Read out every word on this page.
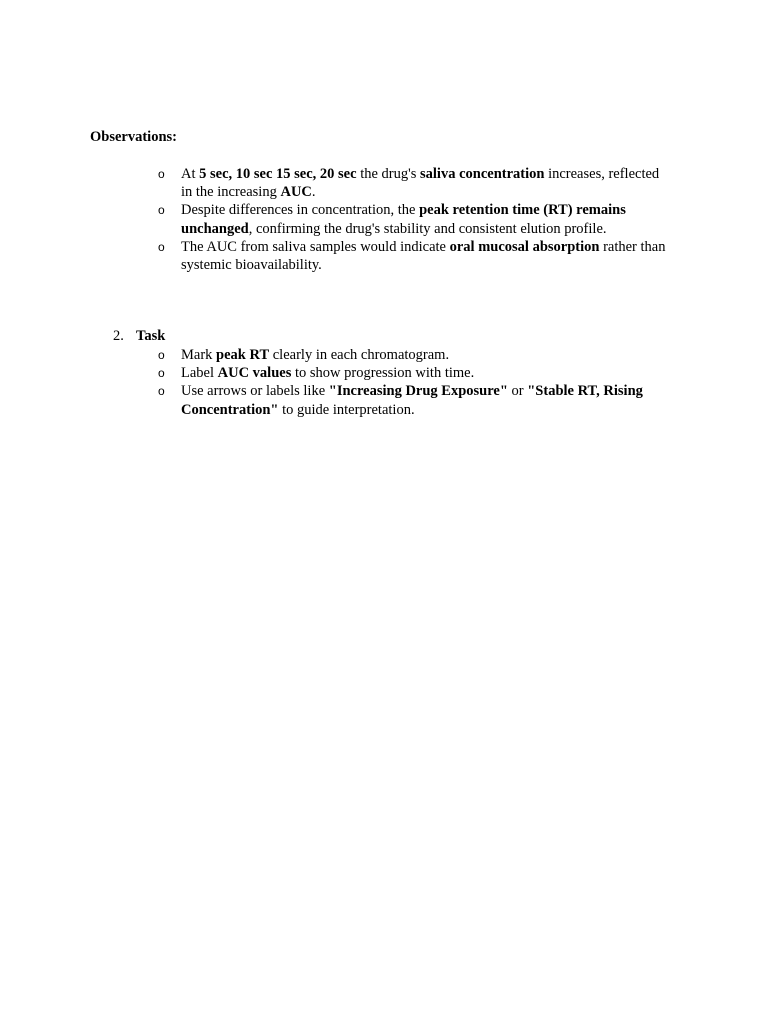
Observations:
o At 5 sec, 10 sec 15 sec, 20 sec the drug's saliva concentration increases, reflected in the increasing AUC.
o Despite differences in concentration, the peak retention time (RT) remains unchanged, confirming the drug's stability and consistent elution profile.
o The AUC from saliva samples would indicate oral mucosal absorption rather than systemic bioavailability.
2. Task
o Mark peak RT clearly in each chromatogram.
o Label AUC values to show progression with time.
o Use arrows or labels like "Increasing Drug Exposure" or "Stable RT, Rising Concentration" to guide interpretation.
